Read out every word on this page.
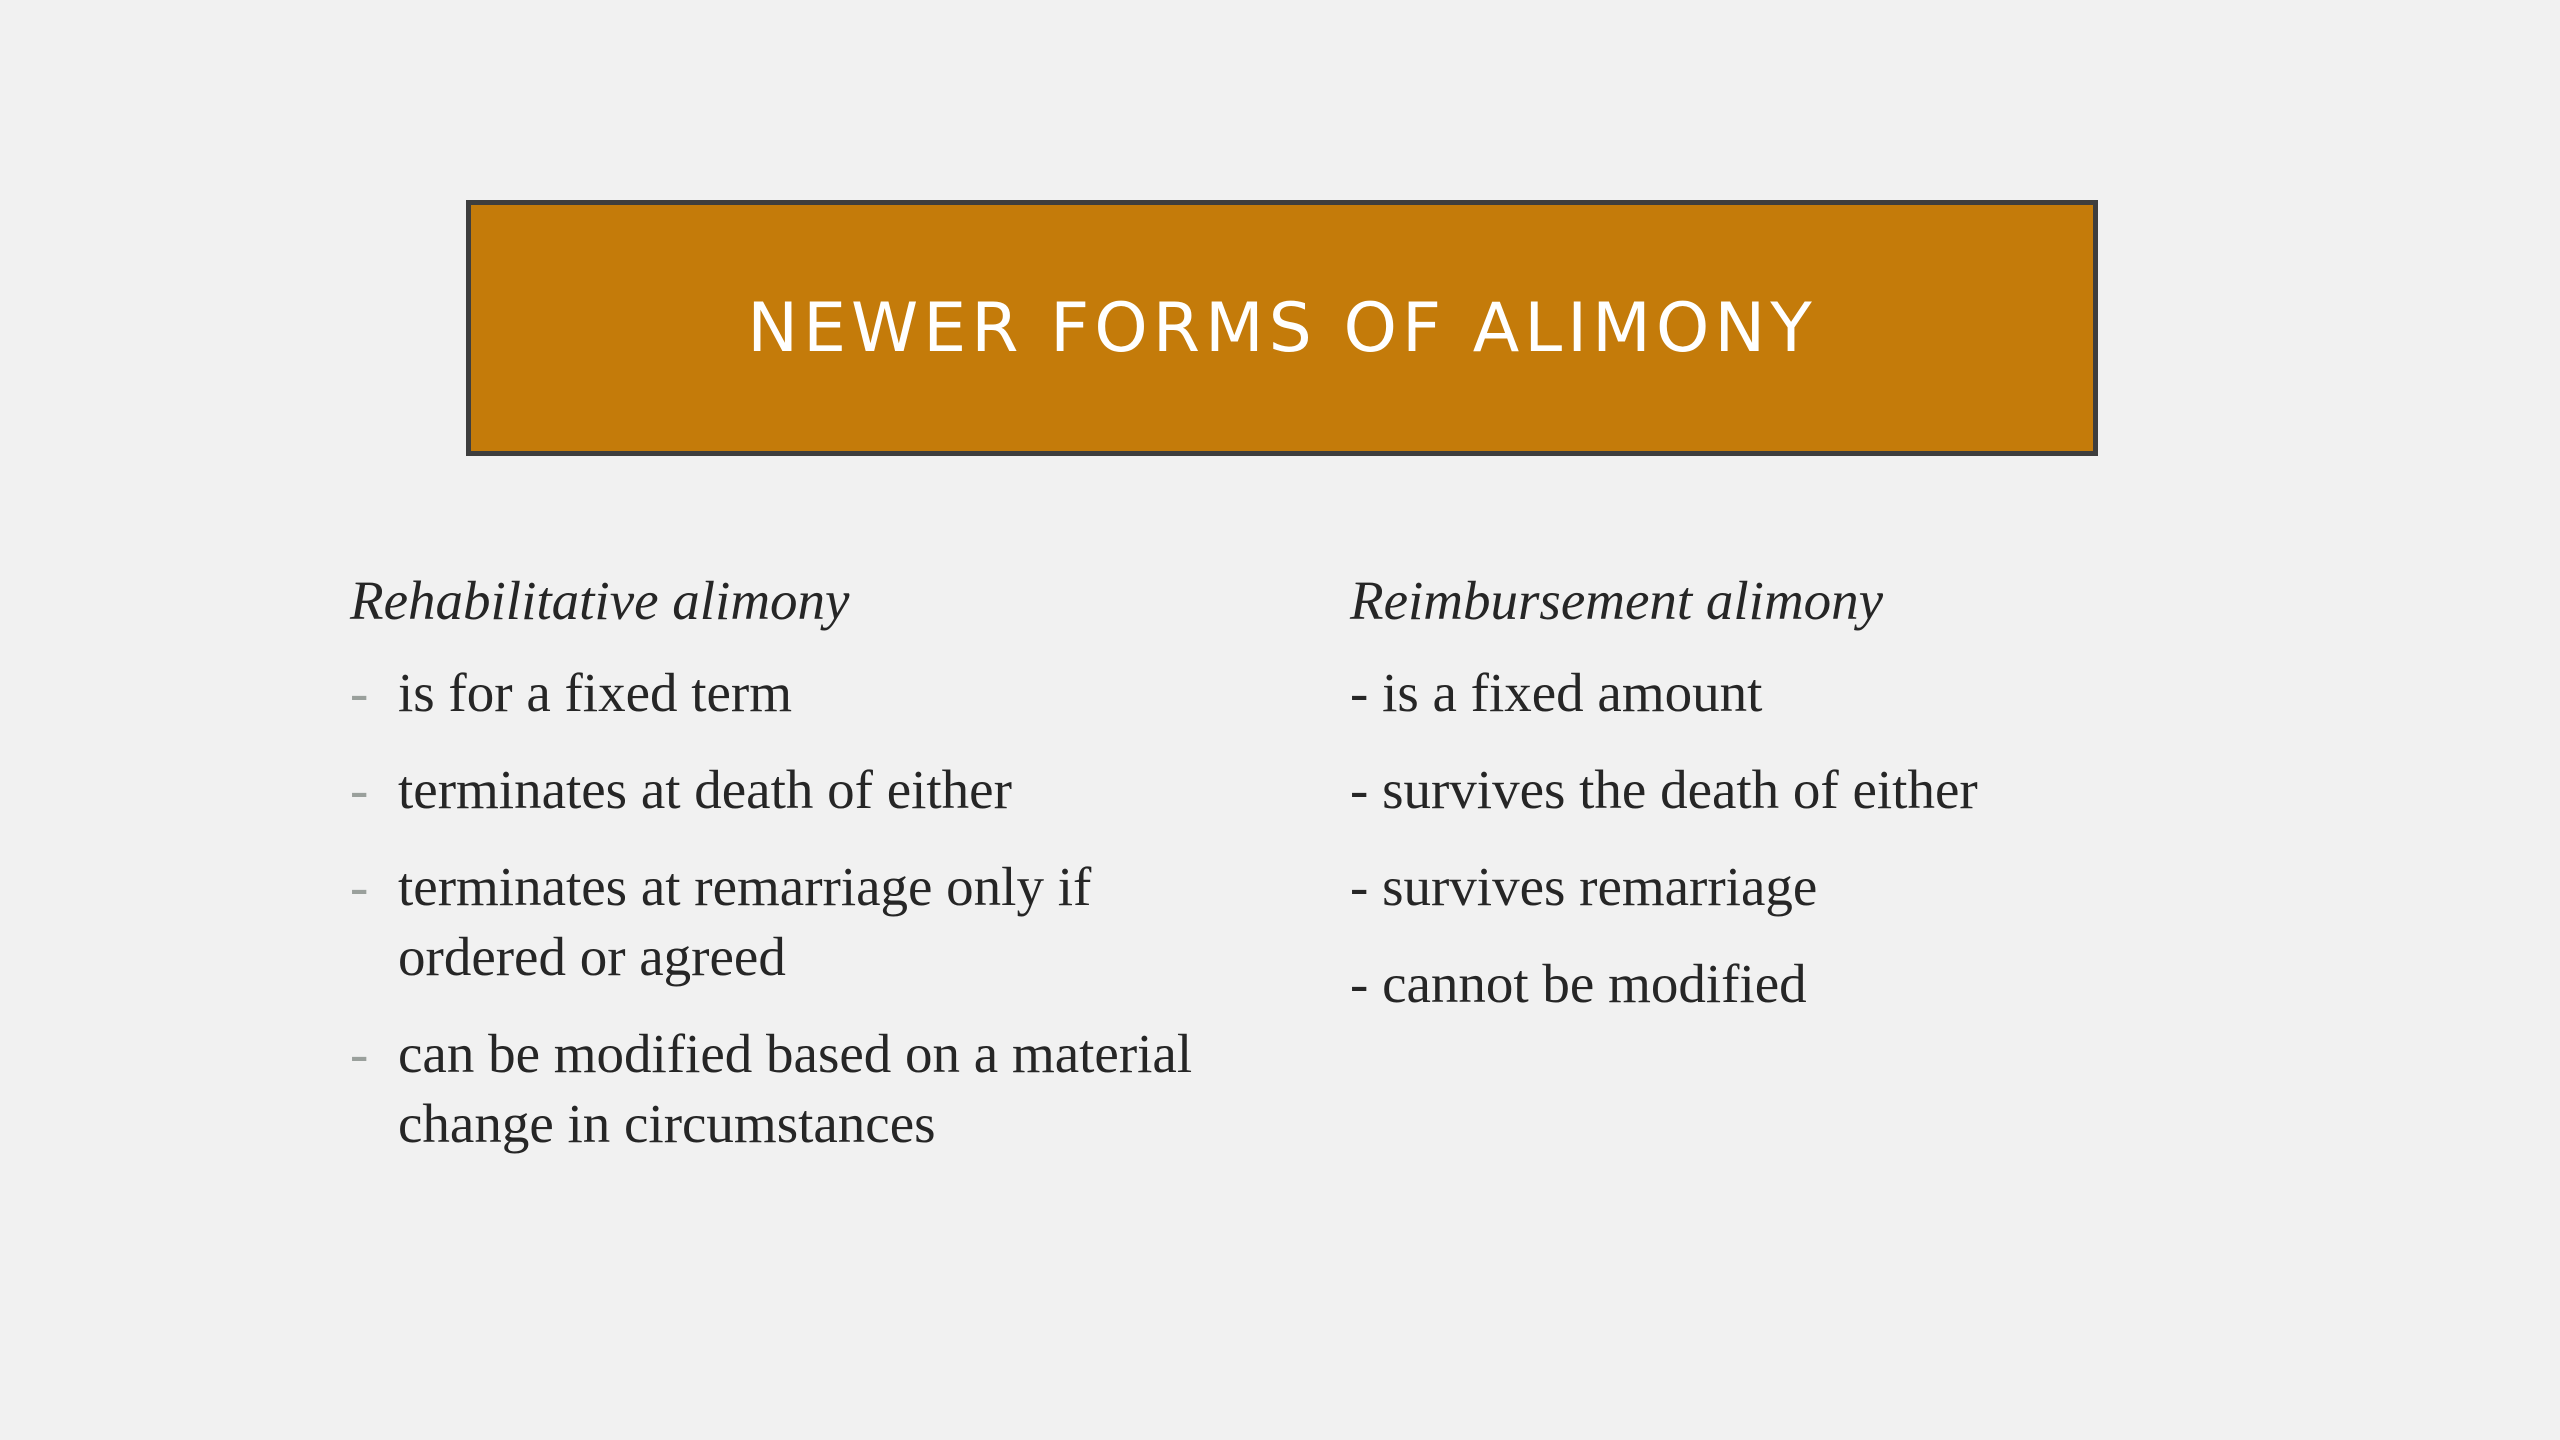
NEWER FORMS OF ALIMONY
Rehabilitative alimony
- is for a fixed term
- terminates at death of either
- terminates at remarriage only if ordered or agreed
- can be modified based on a material change in circumstances
Reimbursement alimony
- is a fixed amount
- survives the death of either
- survives remarriage
- cannot be modified
